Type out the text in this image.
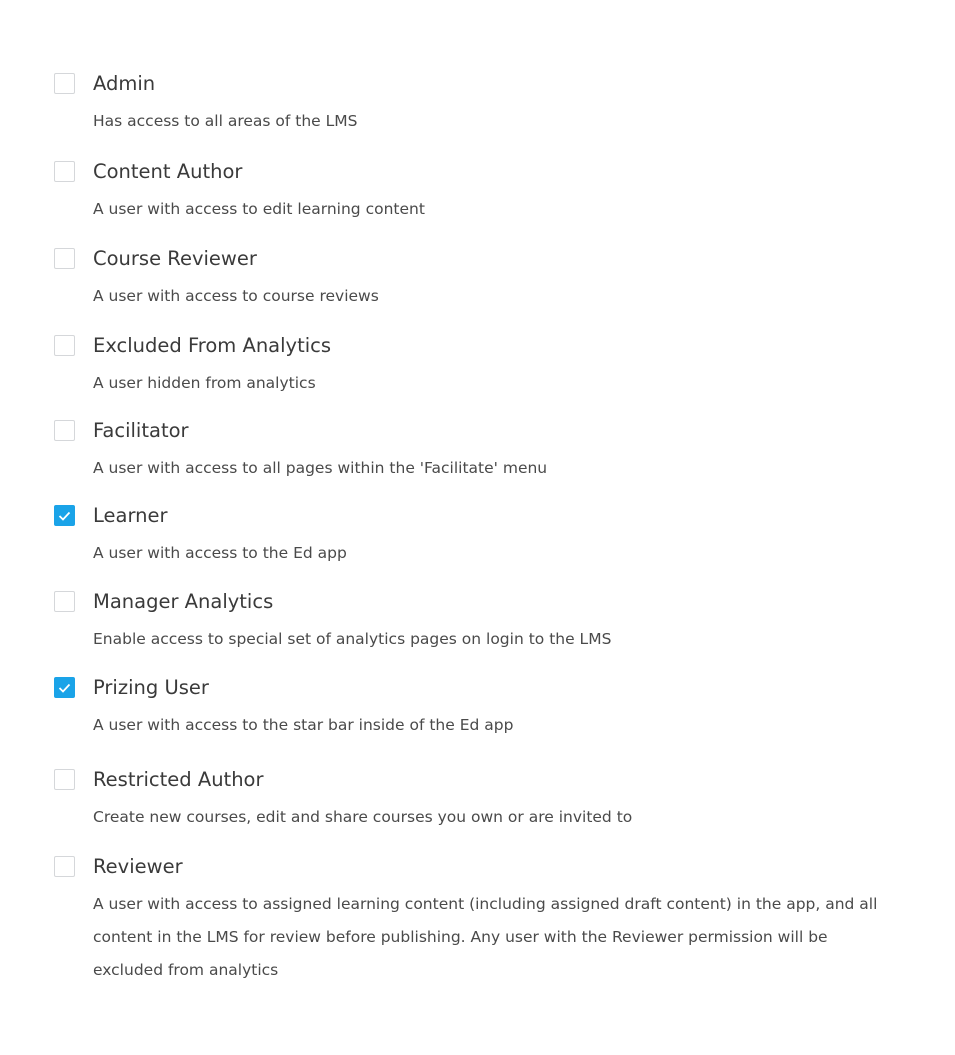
Admin
Has access to all areas of the LMS
Content Author
A user with access to edit learning content
Course Reviewer
A user with access to course reviews
Excluded From Analytics
A user hidden from analytics
Facilitator
A user with access to all pages within the 'Facilitate' menu
Learner
A user with access to the Ed app
Manager Analytics
Enable access to special set of analytics pages on login to the LMS
Prizing User
A user with access to the star bar inside of the Ed app
Restricted Author
Create new courses, edit and share courses you own or are invited to
Reviewer
A user with access to assigned learning content (including assigned draft content) in the app, and all content in the LMS for review before publishing. Any user with the Reviewer permission will be excluded from analytics
